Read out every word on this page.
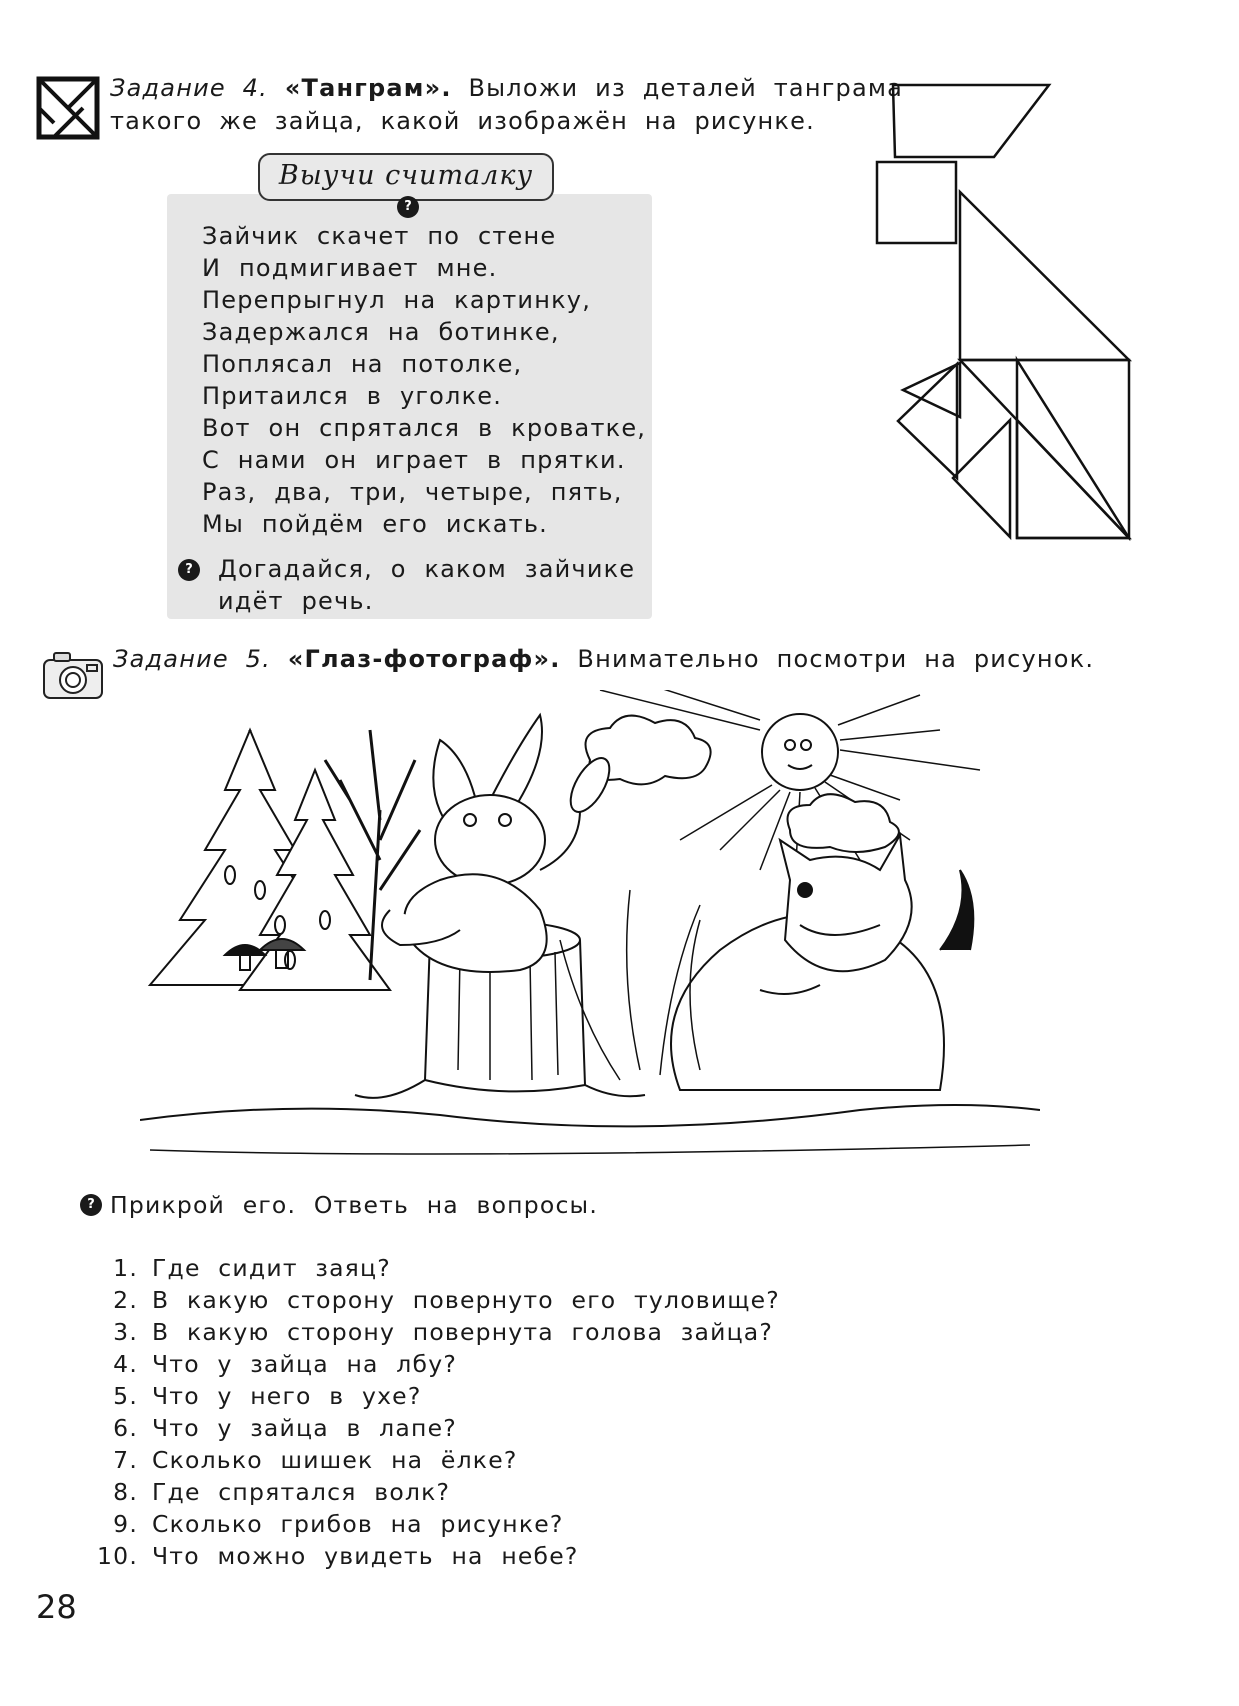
Задание 4. «Танграм». Выложи из деталей танграма
такого же зайца, какой изображён на рисунке.
Выучи считалку
?
Зайчик скачет по стене
И подмигивает мне.
Перепрыгнул на картинку,
Задержался на ботинке,
Поплясал на потолке,
Притаился в уголке.
Вот он спрятался в кроватке,
С нами он играет в прятки.
Раз, два, три, четыре, пять,
Мы пойдём его искать.
?	Догадайся, о каком зайчике
идёт речь.
Задание 5. «Глаз-фотограф». Внимательно посмотри на рисунок.
? Прикрой его. Ответь на вопросы.
1. Где сидит заяц?
2. В какую сторону повернуто его туловище?
3. В какую сторону повернута голова зайца?
4. Что у зайца на лбу?
5. Что у него в ухе?
6. Что у зайца в лапе?
7. Сколько шишек на ёлке?
8. Где спрятался волк?
9. Сколько грибов на рисунке?
10. Что можно увидеть на небе?
28
